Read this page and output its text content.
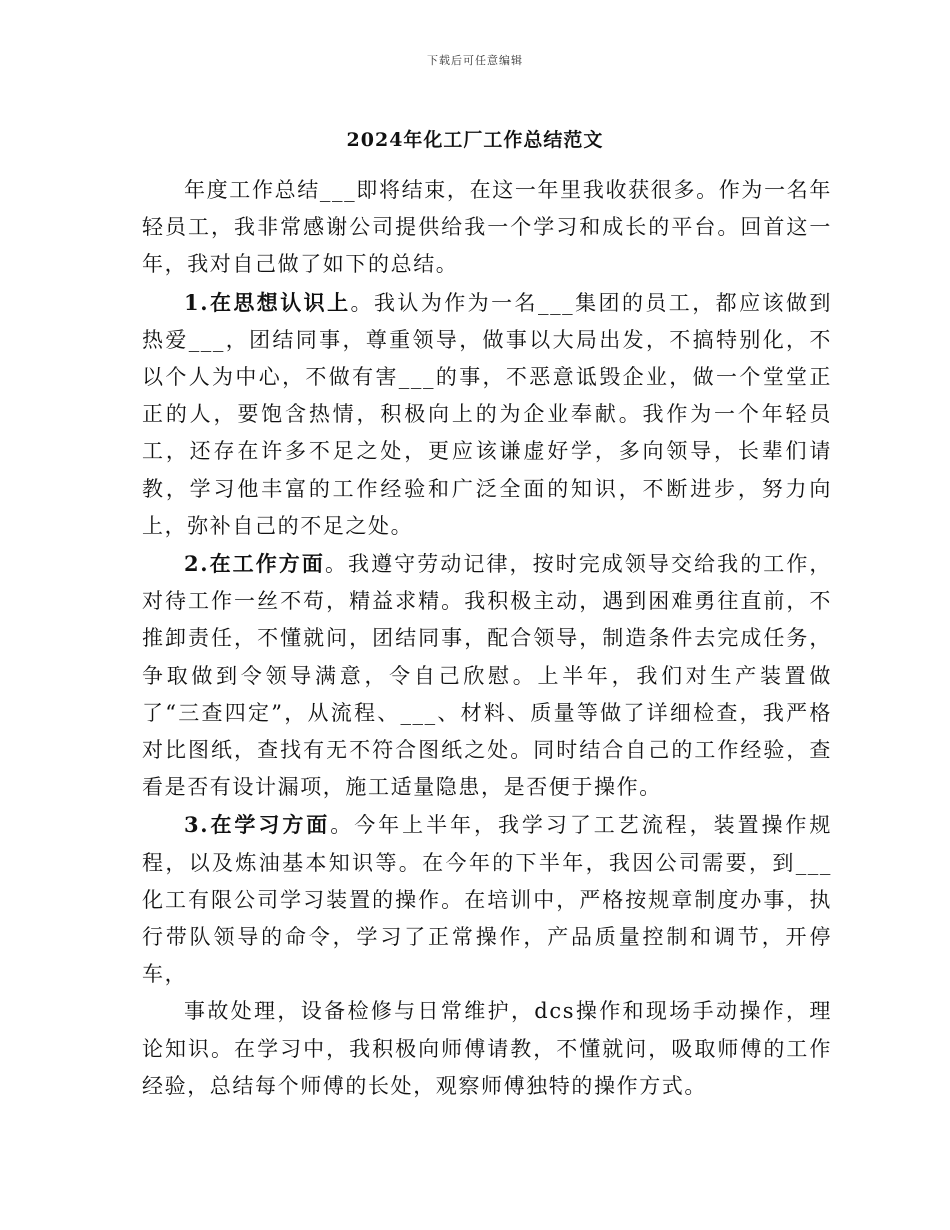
下载后可任意编辑
2024年化工厂工作总结范文

年度工作总结___即将结束，在这一年里我收获很多。作为一名年轻员工，我非常感谢公司提供给我一个学习和成长的平台。回首这一年，我对自己做了如下的总结。

1.在思想认识上。我认为作为一名___集团的员工，都应该做到热爱___，团结同事，尊重领导，做事以大局出发，不搞特别化，不以个人为中心，不做有害___的事，不恶意诋毁企业，做一个堂堂正正的人，要饱含热情，积极向上的为企业奉献。我作为一个年轻员工，还存在许多不足之处，更应该谦虚好学，多向领导，长辈们请教，学习他丰富的工作经验和广泛全面的知识，不断进步，努力向上，弥补自己的不足之处。

2.在工作方面。我遵守劳动记律，按时完成领导交给我的工作，对待工作一丝不苟，精益求精。我积极主动，遇到困难勇往直前，不推卸责任，不懂就问，团结同事，配合领导，制造条件去完成任务，争取做到令领导满意，令自己欣慰。上半年，我们对生产装置做了“三查四定”，从流程、___、材料、质量等做了详细检查，我严格对比图纸，查找有无不符合图纸之处。同时结合自己的工作经验，查看是否有设计漏项，施工适量隐患，是否便于操作。

3.在学习方面。今年上半年，我学习了工艺流程，装置操作规程，以及炼油基本知识等。在今年的下半年，我因公司需要，到___化工有限公司学习装置的操作。在培训中，严格按规章制度办事，执行带队领导的命令，学习了正常操作，产品质量控制和调节，开停车，

事故处理，设备检修与日常维护，dcs操作和现场手动操作，理论知识。在学习中，我积极向师傅请教，不懂就问，吸取师傅的工作经验，总结每个师傅的长处，观察师傅独特的操作方式。
